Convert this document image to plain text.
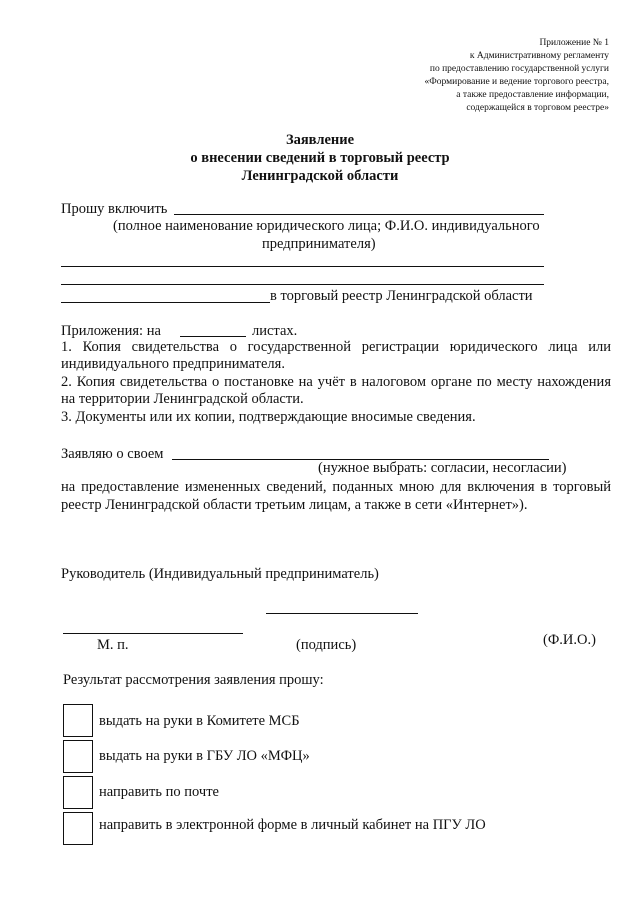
Приложение № 1
к Административному регламенту
по предоставлению государственной услуги
«Формирование и ведение торгового реестра,
а также предоставление информации,
содержащейся в торговом реестре»
Заявление
о внесении сведений в торговый реестр
Ленинградской области
Прошу включить
(полное наименование юридического лица; Ф.И.О. индивидуального
предпринимателя)
в торговый реестр Ленинградской области
Приложения: на	листах.
1. Копия свидетельства о государственной регистрации юридического лица или индивидуального предпринимателя.
2. Копия свидетельства о постановке на учёт в налоговом органе по месту нахождения на территории Ленинградской области.
3. Документы или их копии, подтверждающие вносимые сведения.
Заявляю о своем
(нужное выбрать: согласии, несогласии)
на предоставление измененных сведений, поданных мною для включения в торговый реестр Ленинградской области третьим лицам, а также в сети «Интернет»).
Руководитель (Индивидуальный предприниматель)
М. п.	(подпись)	(Ф.И.О.)
Результат рассмотрения заявления прошу:
выдать на руки в Комитете МСБ
выдать на руки в ГБУ ЛО «МФЦ»
направить по почте
направить в электронной форме в личный кабинет на ПГУ ЛО
